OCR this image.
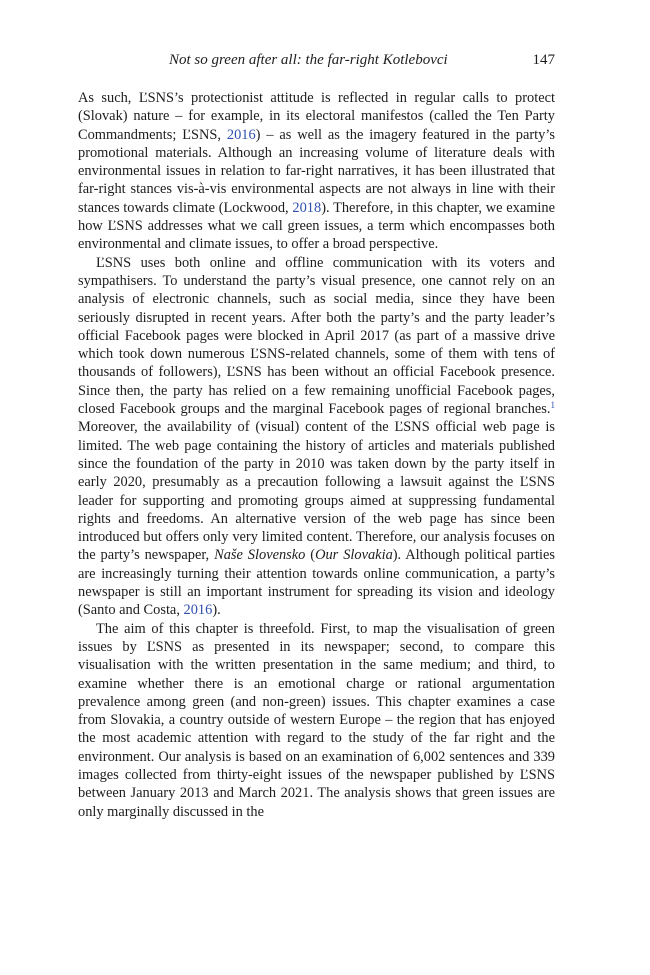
Not so green after all: the far-right Kotlebovci	147

As such, ĽSNS’s protectionist attitude is reflected in regular calls to protect (Slovak) nature – for example, in its electoral manifestos (called the Ten Party Commandments; ĽSNS, 2016) – as well as the imagery featured in the party’s promotional materials. Although an increasing volume of literature deals with environmental issues in relation to far-right narratives, it has been illustrated that far-right stances vis-à-vis environmental aspects are not always in line with their stances towards climate (Lockwood, 2018). Therefore, in this chapter, we examine how ĽSNS addresses what we call green issues, a term which encompasses both environmental and climate issues, to offer a broad perspective.

ĽSNS uses both online and offline communication with its voters and sympathisers. To understand the party’s visual presence, one cannot rely on an analysis of electronic channels, such as social media, since they have been seriously disrupted in recent years. After both the party’s and the party leader’s official Facebook pages were blocked in April 2017 (as part of a massive drive which took down numerous ĽSNS-related channels, some of them with tens of thousands of followers), ĽSNS has been without an official Facebook presence. Since then, the party has relied on a few remaining unofficial Facebook pages, closed Facebook groups and the marginal Facebook pages of regional branches.$^1$ Moreover, the availability of (visual) content of the ĽSNS official web page is limited. The web page containing the history of articles and materials published since the foundation of the party in 2010 was taken down by the party itself in early 2020, presumably as a precaution following a lawsuit against the ĽSNS leader for supporting and promoting groups aimed at suppressing fundamental rights and freedoms. An alternative version of the web page has since been introduced but offers only very limited content. Therefore, our analysis focuses on the party’s newspaper, Naše Slovensko (Our Slovakia). Although political parties are increasingly turning their attention towards online communication, a party’s newspaper is still an important instrument for spreading its vision and ideology (Santo and Costa, 2016).

The aim of this chapter is threefold. First, to map the visualisation of green issues by ĽSNS as presented in its newspaper; second, to compare this visualisation with the written presentation in the same medium; and third, to examine whether there is an emotional charge or rational argumentation prevalence among green (and non-green) issues. This chapter examines a case from Slovakia, a country outside of western Europe – the region that has enjoyed the most academic attention with regard to the study of the far right and the environment. Our analysis is based on an examination of 6,002 sentences and 339 images collected from thirty-eight issues of the newspaper published by ĽSNS between January 2013 and March 2021. The analysis shows that green issues are only marginally discussed in the
